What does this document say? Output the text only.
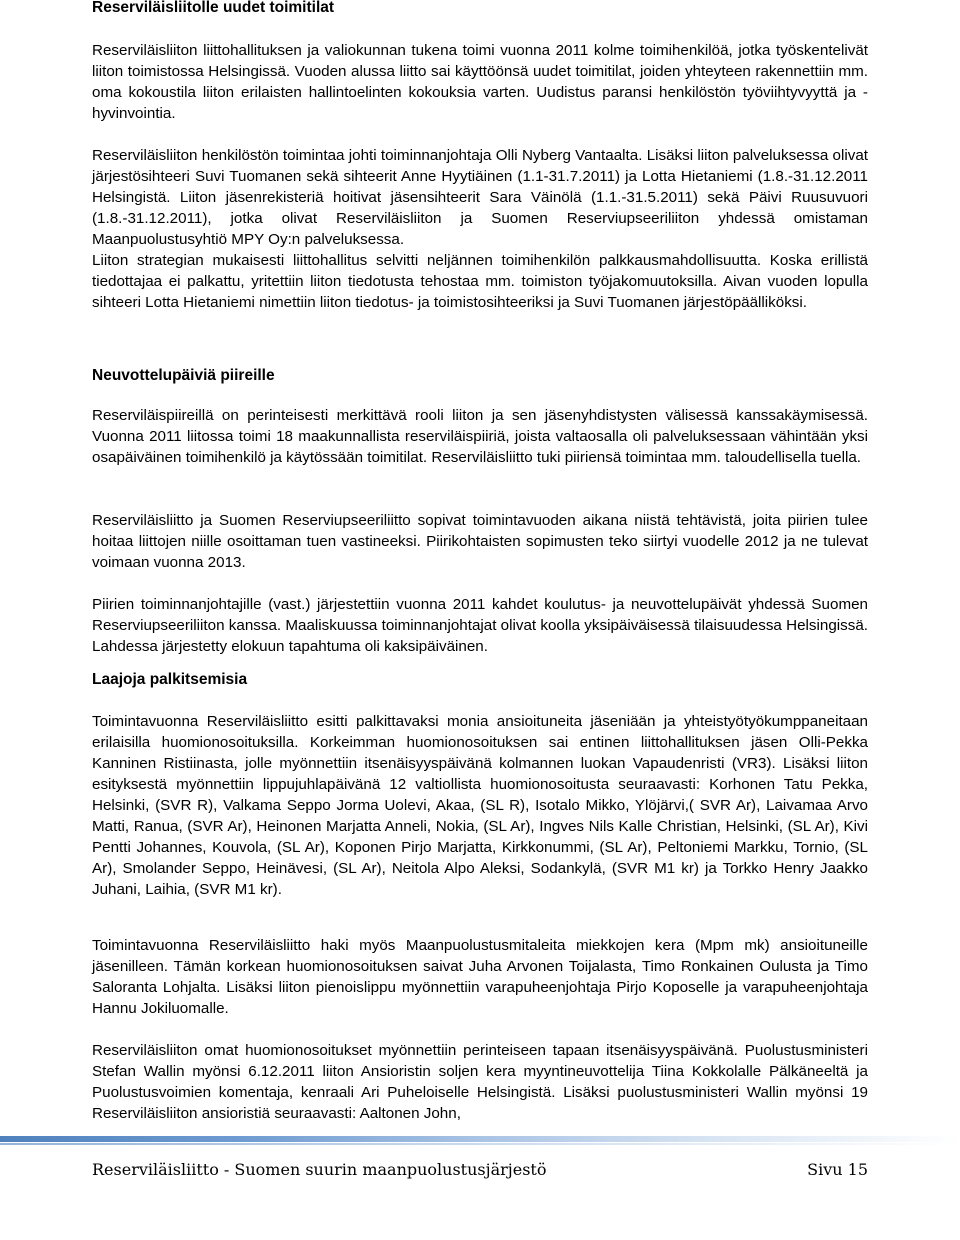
Reserviläisliitolle uudet toimitilat

Reserviläisliiton liittohallituksen ja valiokunnan tukena toimi vuonna 2011 kolme toimihenkilöä, jotka työskentelivät liiton toimistossa Helsingissä. Vuoden alussa liitto sai käyttöönsä uudet toimitilat, joiden yhteyteen rakennettiin mm. oma kokoustila liiton erilaisten hallintoelinten kokouksia varten. Uudistus paransi henkilöstön työviihtyvyyttä ja -hyvinvointia.

Reserviläisliiton henkilöstön toimintaa johti toiminnanjohtaja Olli Nyberg Vantaalta. Lisäksi liiton palveluksessa olivat järjestösihteeri Suvi Tuomanen sekä sihteerit Anne Hyytiäinen (1.1-31.7.2011) ja Lotta Hietaniemi (1.8.-31.12.2011 Helsingistä. Liiton jäsenrekisteriä hoitivat jäsensihteerit Sara Väinölä (1.1.-31.5.2011) sekä Päivi Ruusuvuori (1.8.-31.12.2011), jotka olivat Reserviläisliiton ja Suomen Reserviupseeriliiton yhdessä omistaman Maanpuolustusyhtiö MPY Oy:n palveluksessa.

Liiton strategian mukaisesti liittohallitus selvitti neljännen toimihenkilön palkkausmahdollisuutta. Koska erillistä tiedottajaa ei palkattu, yritettiin liiton tiedotusta tehostaa mm. toimiston työjakomuutoksilla. Aivan vuoden lopulla sihteeri Lotta Hietaniemi nimettiin liiton tiedotus- ja toimistosihteeriksi ja Suvi Tuomanen järjestöpäälliköksi.

Neuvottelupäiviä piireille

Reserviläispiireillä on perinteisesti merkittävä rooli liiton ja sen jäsenyhdistysten välisessä kanssakäymisessä. Vuonna 2011 liitossa toimi 18 maakunnallista reserviläispiiriä, joista valtaosalla oli palveluksessaan vähintään yksi osapäiväinen toimihenkilö ja käytössään toimitilat. Reserviläisliitto tuki piiriensä toimintaa mm. taloudellisella tuella.

Reserviläisliitto ja Suomen Reserviupseeriliitto sopivat toimintavuoden aikana niistä tehtävistä, joita piirien tulee hoitaa liittojen niille osoittaman tuen vastineeksi. Piirikohtaisten sopimusten teko siirtyi vuodelle 2012 ja ne tulevat voimaan vuonna 2013.

Piirien toiminnanjohtajille (vast.) järjestettiin vuonna 2011 kahdet koulutus- ja neuvottelupäivät yhdessä Suomen Reserviupseeriliiton kanssa. Maaliskuussa toiminnanjohtajat olivat koolla yksipäiväisessä tilaisuudessa Helsingissä. Lahdessa järjestetty elokuun tapahtuma oli kaksipäiväinen.

Laajoja palkitsemisia

Toimintavuonna Reserviläisliitto esitti palkittavaksi monia ansioituneita jäseniään ja yhteistyötyökumppaneitaan erilaisilla huomionosoituksilla. Korkeimman huomionosoituksen sai entinen liittohallituksen jäsen Olli-Pekka Kanninen Ristiinasta, jolle myönnettiin itsenäisyyspäivänä kolmannen luokan Vapaudenristi (VR3). Lisäksi liiton esityksestä myönnettiin lippujuhlapäivänä 12 valtiollista huomionosoitusta seuraavasti: Korhonen Tatu Pekka, Helsinki, (SVR R), Valkama Seppo Jorma Uolevi, Akaa, (SL R), Isotalo Mikko, Ylöjärvi,( SVR Ar), Laivamaa Arvo Matti, Ranua, (SVR Ar), Heinonen Marjatta Anneli, Nokia, (SL Ar), Ingves Nils Kalle Christian, Helsinki, (SL Ar), Kivi Pentti Johannes, Kouvola, (SL Ar), Koponen Pirjo Marjatta, Kirkkonummi, (SL Ar), Peltoniemi Markku, Tornio, (SL Ar), Smolander Seppo, Heinävesi, (SL Ar), Neitola Alpo Aleksi, Sodankylä, (SVR M1 kr) ja Torkko Henry Jaakko Juhani, Laihia, (SVR M1 kr).

Toimintavuonna Reserviläisliitto haki myös Maanpuolustusmitaleita miekkojen kera (Mpm mk) ansioituneille jäsenilleen. Tämän korkean huomionosoituksen saivat Juha Arvonen Toijalasta, Timo Ronkainen Oulusta ja Timo Saloranta Lohjalta. Lisäksi liiton pienoislippu myönnettiin varapuheenjohtaja Pirjo Koposelle ja varapuheenjohtaja Hannu Jokiluomalle.

Reserviläisliiton omat huomionosoitukset myönnettiin perinteiseen tapaan itsenäisyyspäivänä. Puolustusministeri Stefan Wallin myönsi 6.12.2011 liiton Ansioristin soljen kera myyntineuvottelija Tiina Kokkolalle Pälkäneeltä ja Puolustusvoimien komentaja, kenraali Ari Puheloiselle Helsingistä. Lisäksi puolustusministeri Wallin myönsi 19 Reserviläisliiton ansioristiä seuraavasti: Aaltonen John,

Reserviläisliitto - Suomen suurin maanpuolustusjärjestö	Sivu 15
